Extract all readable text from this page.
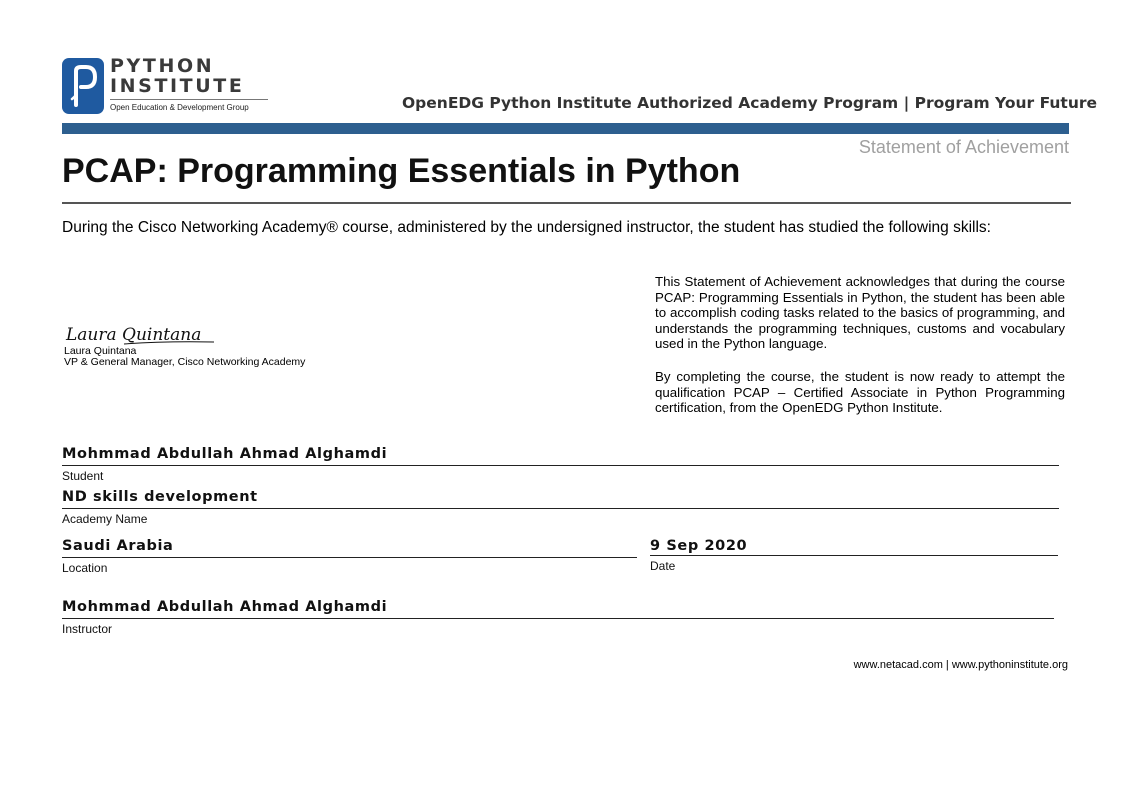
PYTHON
INSTITUTE
Open Education & Development Group	OpenEDG Python Institute Authorized Academy Program | Program Your Future
Statement of Achievement
PCAP: Programming Essentials in Python
During the Cisco Networking Academy® course, administered by the undersigned instructor, the student has studied the following skills:
Laura Quintana
Laura Quintana
VP & General Manager, Cisco Networking Academy
This Statement of Achievement acknowledges that during the course PCAP: Programming Essentials in Python, the student has been able to accomplish coding tasks related to the basics of programming, and understands the programming techniques, customs and vocabulary used in the Python language.
By completing the course, the student is now ready to attempt the qualification PCAP – Certified Associate in Python Programming certification, from the OpenEDG Python Institute.
Mohmmad Abdullah Ahmad Alghamdi
Student
ND skills development
Academy Name
Saudi Arabia
Location
9 Sep 2020
Date
Mohmmad Abdullah Ahmad Alghamdi
Instructor
www.netacad.com | www.pythoninstitute.org
